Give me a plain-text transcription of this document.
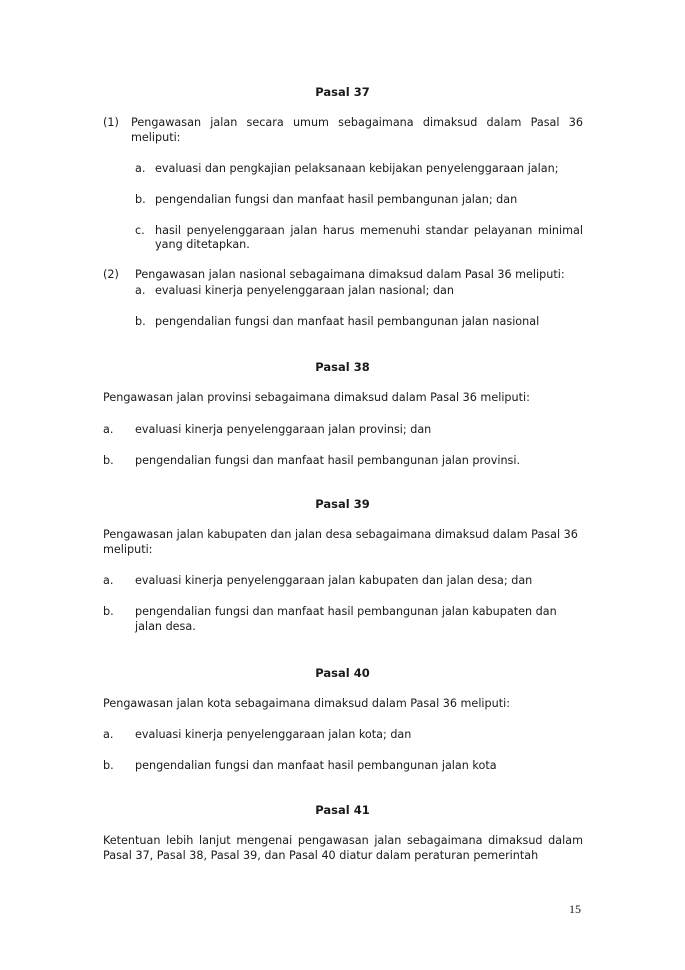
Pasal 37
(1) Pengawasan jalan secara umum sebagaimana dimaksud dalam Pasal 36
meliputi:
a. evaluasi dan pengkajian pelaksanaan kebijakan penyelenggaraan jalan;
b. pengendalian fungsi dan manfaat hasil pembangunan jalan; dan
c. hasil penyelenggaraan jalan harus memenuhi standar pelayanan minimal
yang ditetapkan.
(2) Pengawasan jalan nasional sebagaimana dimaksud dalam Pasal 36 meliputi:
a. evaluasi kinerja penyelenggaraan jalan nasional; dan
b. pengendalian fungsi dan manfaat hasil pembangunan jalan nasional
Pasal 38
Pengawasan jalan provinsi sebagaimana dimaksud dalam Pasal 36 meliputi:
a. evaluasi kinerja penyelenggaraan jalan provinsi; dan
b. pengendalian fungsi dan manfaat hasil pembangunan jalan provinsi.
Pasal 39
Pengawasan jalan kabupaten dan jalan desa sebagaimana dimaksud dalam Pasal 36
meliputi:
a. evaluasi kinerja penyelenggaraan jalan kabupaten dan jalan desa; dan
b. pengendalian fungsi dan manfaat hasil pembangunan jalan kabupaten dan
jalan desa.
Pasal 40
Pengawasan jalan kota sebagaimana dimaksud dalam Pasal 36 meliputi:
a. evaluasi kinerja penyelenggaraan jalan kota; dan
b. pengendalian fungsi dan manfaat hasil pembangunan jalan kota
Pasal 41
Ketentuan lebih lanjut mengenai pengawasan jalan sebagaimana dimaksud dalam
Pasal 37, Pasal 38, Pasal 39, dan Pasal 40 diatur dalam peraturan pemerintah
15
